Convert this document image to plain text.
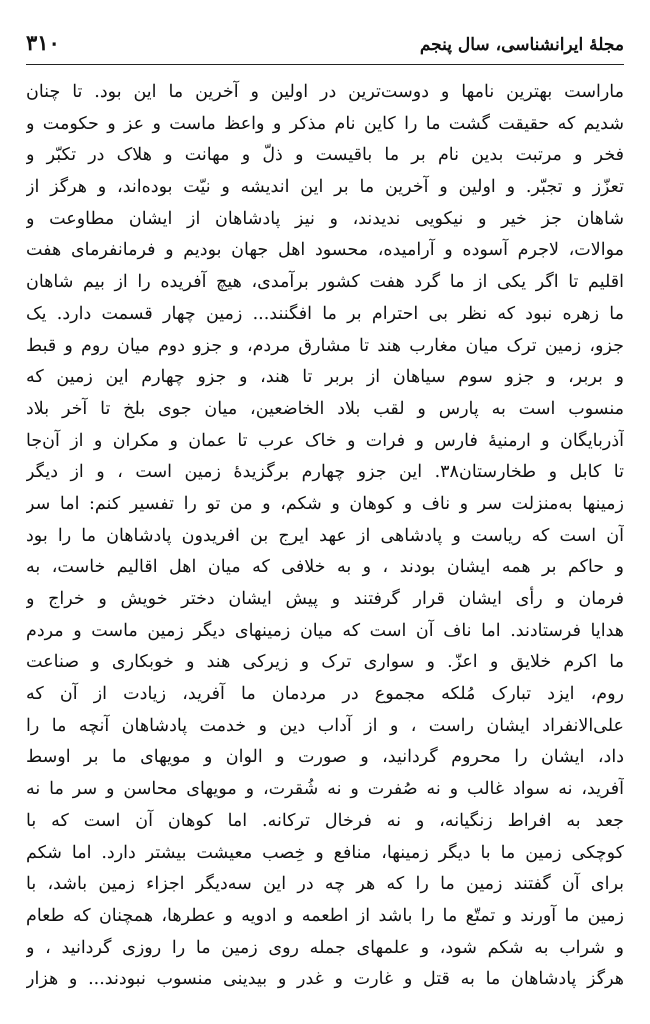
مجلهٔ ایرانشناسی، سال پنجم
۳۱۰
ماراست بهترین نامها و دوست‌ترین در اولین و آخرین ما این بود. تا چنان
شدیم که حقیقت گشت ما را کاین نام مذکر و واعظ ماست و عز و حکومت و
فخر و مرتبت بدین نام بر ما باقیست و ذلّ و مهانت و هلاک در تکبّر و
تعزّز و تجبّر. و اولین و آخرین ما بر این اندیشه و نیّت بوده‌اند، و هرگز از
شاهان جز خیر و نیکویی ندیدند، و نیز پادشاهان از ایشان مطاوعت و
موالات، لاجرم آسوده و آرامیده، محسود اهل جهان بودیم و فرمانفرمای هفت
اقلیم تا اگر یکی از ما گرد هفت کشور برآمدی، هیچ آفریده را از بیم شاهان
ما زهره نبود که نظر بی احترام بر ما افگنند... زمین چهار قسمت دارد. یک
جزو، زمین ترک میان مغارب هند تا مشارق مردم، و جزو دوم میان روم و قبط
و بربر، و جزو سوم سیاهان از بربر تا هند، و جزو چهارم این زمین که
منسوب است به پارس و لقب بلاد الخاضعین، میان جوی بلخ تا آخر بلاد
آذربایگان و ارمنیهٔ فارس و فرات و خاک عرب تا عمان و مکران و از آن‌جا
تا کابل و طخارستان۳۸. این جزو چهارم برگزیدهٔ زمین است ، و از دیگر
زمینها به‌منزلت سر و ناف و کوهان و شکم، و من تو را تفسیر کنم: اما سر
آن است که ریاست و پادشاهی از عهد ایرج بن افریدون پادشاهان ما را بود
و حاکم بر همه ایشان بودند ، و به خلافی که میان اهل اقالیم خاست، به
فرمان و رأی ایشان قرار گرفتند و پیش ایشان دختر خویش و خراج و
هدایا فرستادند. اما ناف آن است که میان زمینهای دیگر زمین ماست و مردم
ما اکرم خلایق و اعزّ. و سواری ترک و زیرکی هند و خوبکاری و صناعت
روم، ایزد تبارک مُلکه مجموع در مردمان ما آفرید، زیادت از آن که
علی‌الانفراد ایشان راست ، و از آداب دین و خدمت پادشاهان آنچه ما را
داد، ایشان را محروم گردانید، و صورت و الوان و مویهای ما بر اوسط
آفرید، نه سواد غالب و نه صُفرت و نه شُقرت، و مویهای محاسن و سر ما نه
جعد به افراط زنگیانه، و نه فرخال ترکانه. اما کوهان آن است که با
کوچکی زمین ما با دیگر زمینها، منافع و خِصب معیشت بیشتر دارد. اما شکم
برای آن گفتند زمین ما را که هر چه در این سه‌دیگر اجزاء زمین باشد، با
زمین ما آورند و تمتّع ما را باشد از اطعمه و ادویه و عطرها، همچنان که طعام
و شراب به شکم شود، و علمهای جمله روی زمین ما را روزی گردانید ، و
هرگز پادشاهان ما به قتل و غارت و غدر و بیدینی منسوب نبودند... و هزار
